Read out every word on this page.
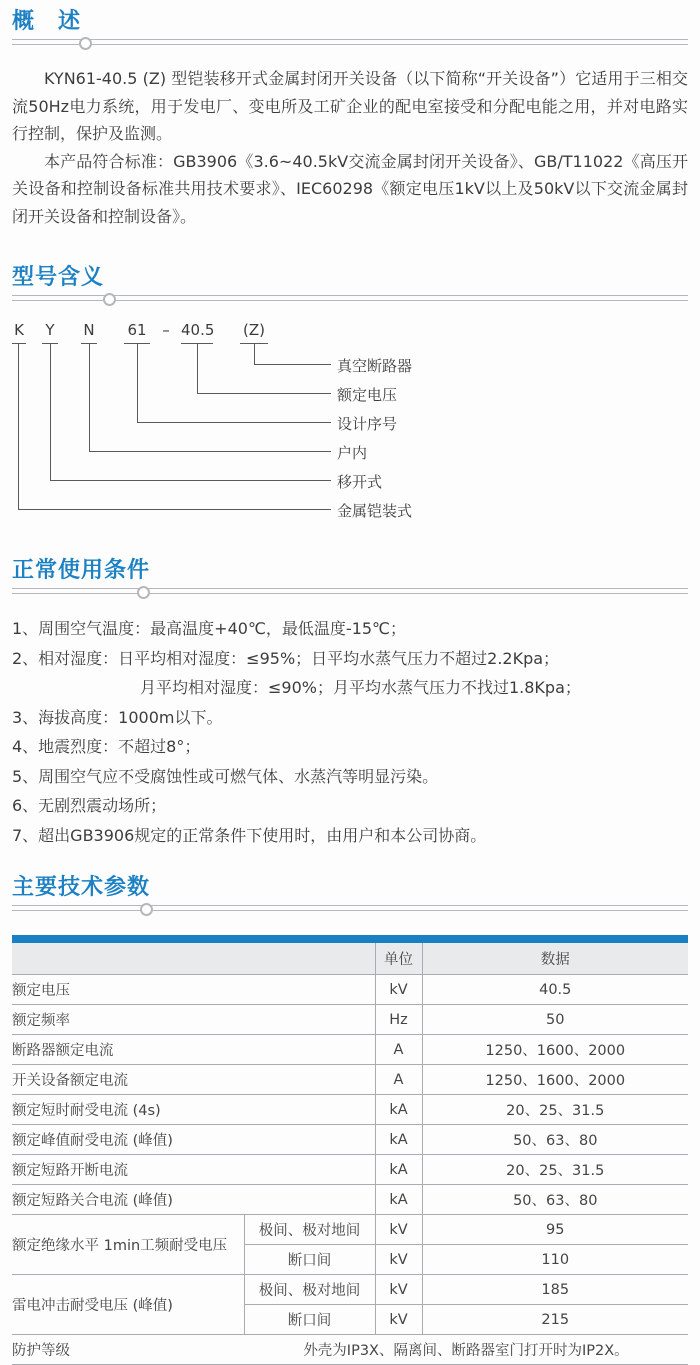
概　述

KYN61-40.5 (Z) 型铠装移开式金属封闭开关设备（以下简称“开关设备”）它适用于三相交流50Hz电力系统，用于发电厂、变电所及工矿企业的配电室接受和分配电能之用，并对电路实行控制，保护及监测。

本产品符合标准：GB3906《3.6~40.5kV交流金属封闭开关设备》、GB/T11022《高压开关设备和控制设备标准共用技术要求》、IEC60298《额定电压1kV以上及50kV以下交流金属封闭开关设备和控制设备》。

型号含义
K Y N 61 – 40.5 (Z)
真空断路器
额定电压
设计序号
户内
移开式
金属铠装式
正常使用条件

1、周围空气温度：最高温度+40℃，最低温度-15℃；

2、相对湿度：日平均相对湿度：≤95%；日平均水蒸气压力不超过2.2Kpa；

月平均相对湿度：≤90%；月平均水蒸气压力不找过1.8Kpa；

3、海拔高度：1000m以下。

4、地震烈度：不超过8°；

5、周围空气应不受腐蚀性或可燃气体、水蒸汽等明显污染。

6、无剧烈震动场所；

7、超出GB3906规定的正常条件下使用时，由用户和本公司协商。

主要技术参数
		单位	数据
额定电压		kV	40.5
额定频率		Hz	50
断路器额定电流		A	1250、1600、2000
开关设备额定电流		A	1250、1600、2000
额定短时耐受电流 (4s)		kA	20、25、31.5
额定峰值耐受电流 (峰值)		kA	50、63、80
额定短路开断电流		kA	20、25、31.5
额定短路关合电流 (峰值)		kA	50、63、80
额定绝缘水平 1min工频耐受电压	极间、极对地间	kV	95
	断口间	kV	110
雷电冲击耐受电压 (峰值)	极间、极对地间	kV	185
	断口间	kV	215
防护等级	外壳为IP3X、隔离间、断路器室门打开时为IP2X。		
